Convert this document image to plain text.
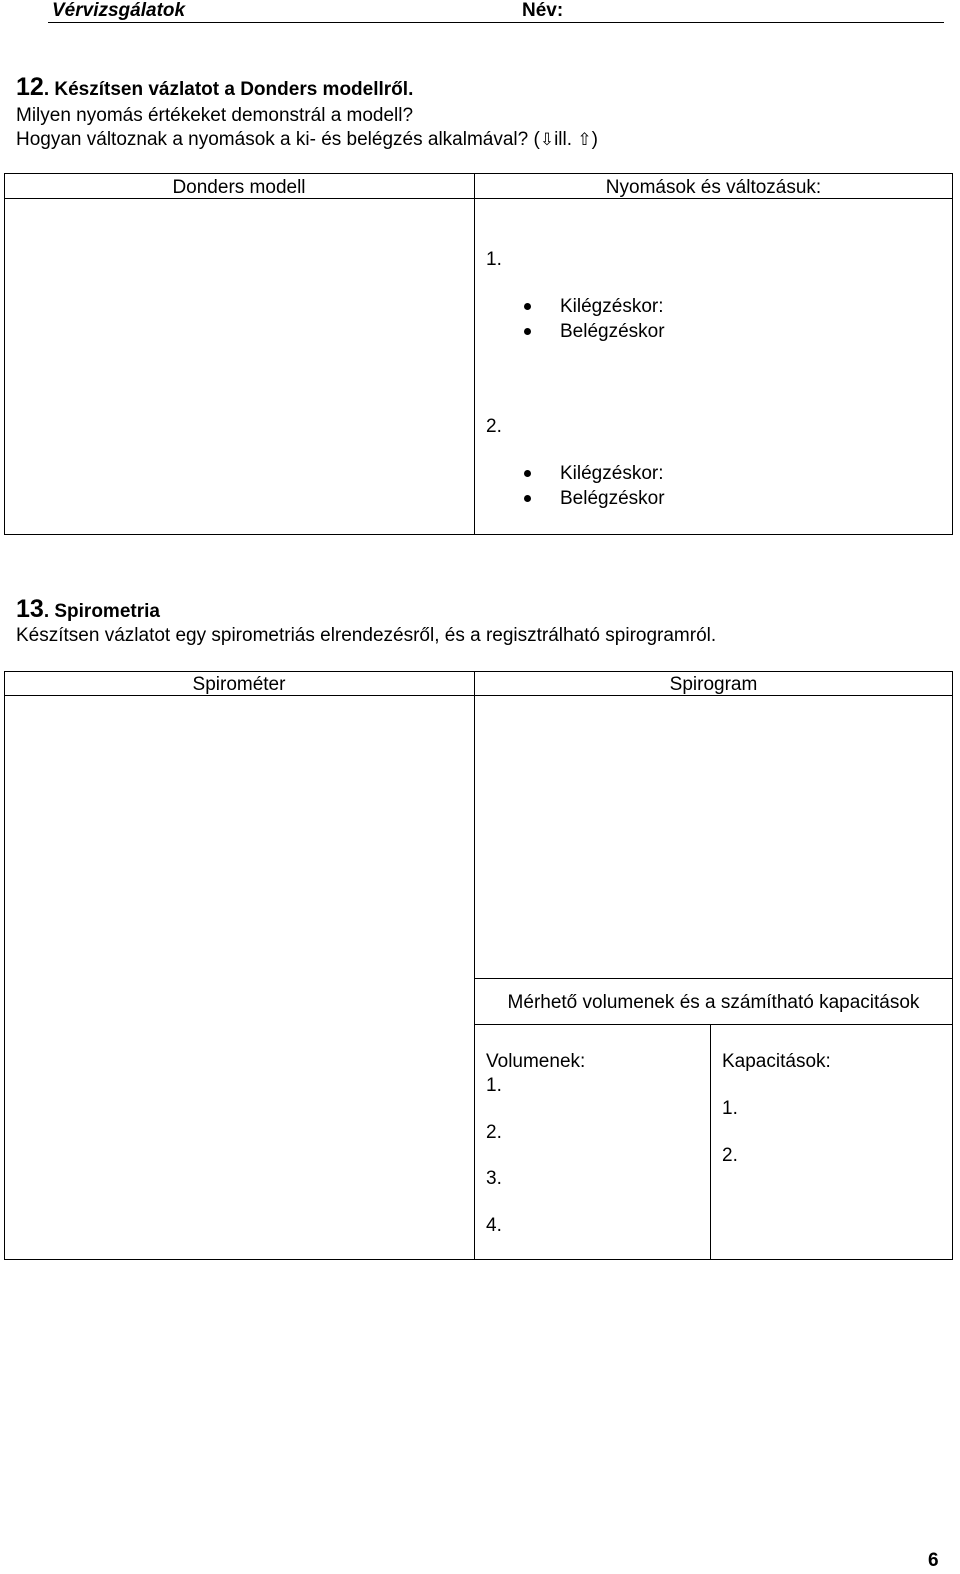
Vérvizsgálatok	Név:
12. Készítsen vázlatot a Donders modellről.
Milyen nyomás értékeket demonstrál a modell?
Hogyan változnak a nyomások a ki- és belégzés alkalmával? (⇩ill. ⇧)
Donders modell	Nyomások és változásuk:
1.
Kilégzéskor:
Belégzéskor
2.
Kilégzéskor:
Belégzéskor
13. Spirometria
Készítsen vázlatot egy spirometriás elrendezésről, és a regisztrálható spirogramról.
Spirométer	Spirogram
Mérhető volumenek és a számítható kapacitások
Volumenek:
1.
2.
3.
4.
Kapacitások:
1.
2.
6
